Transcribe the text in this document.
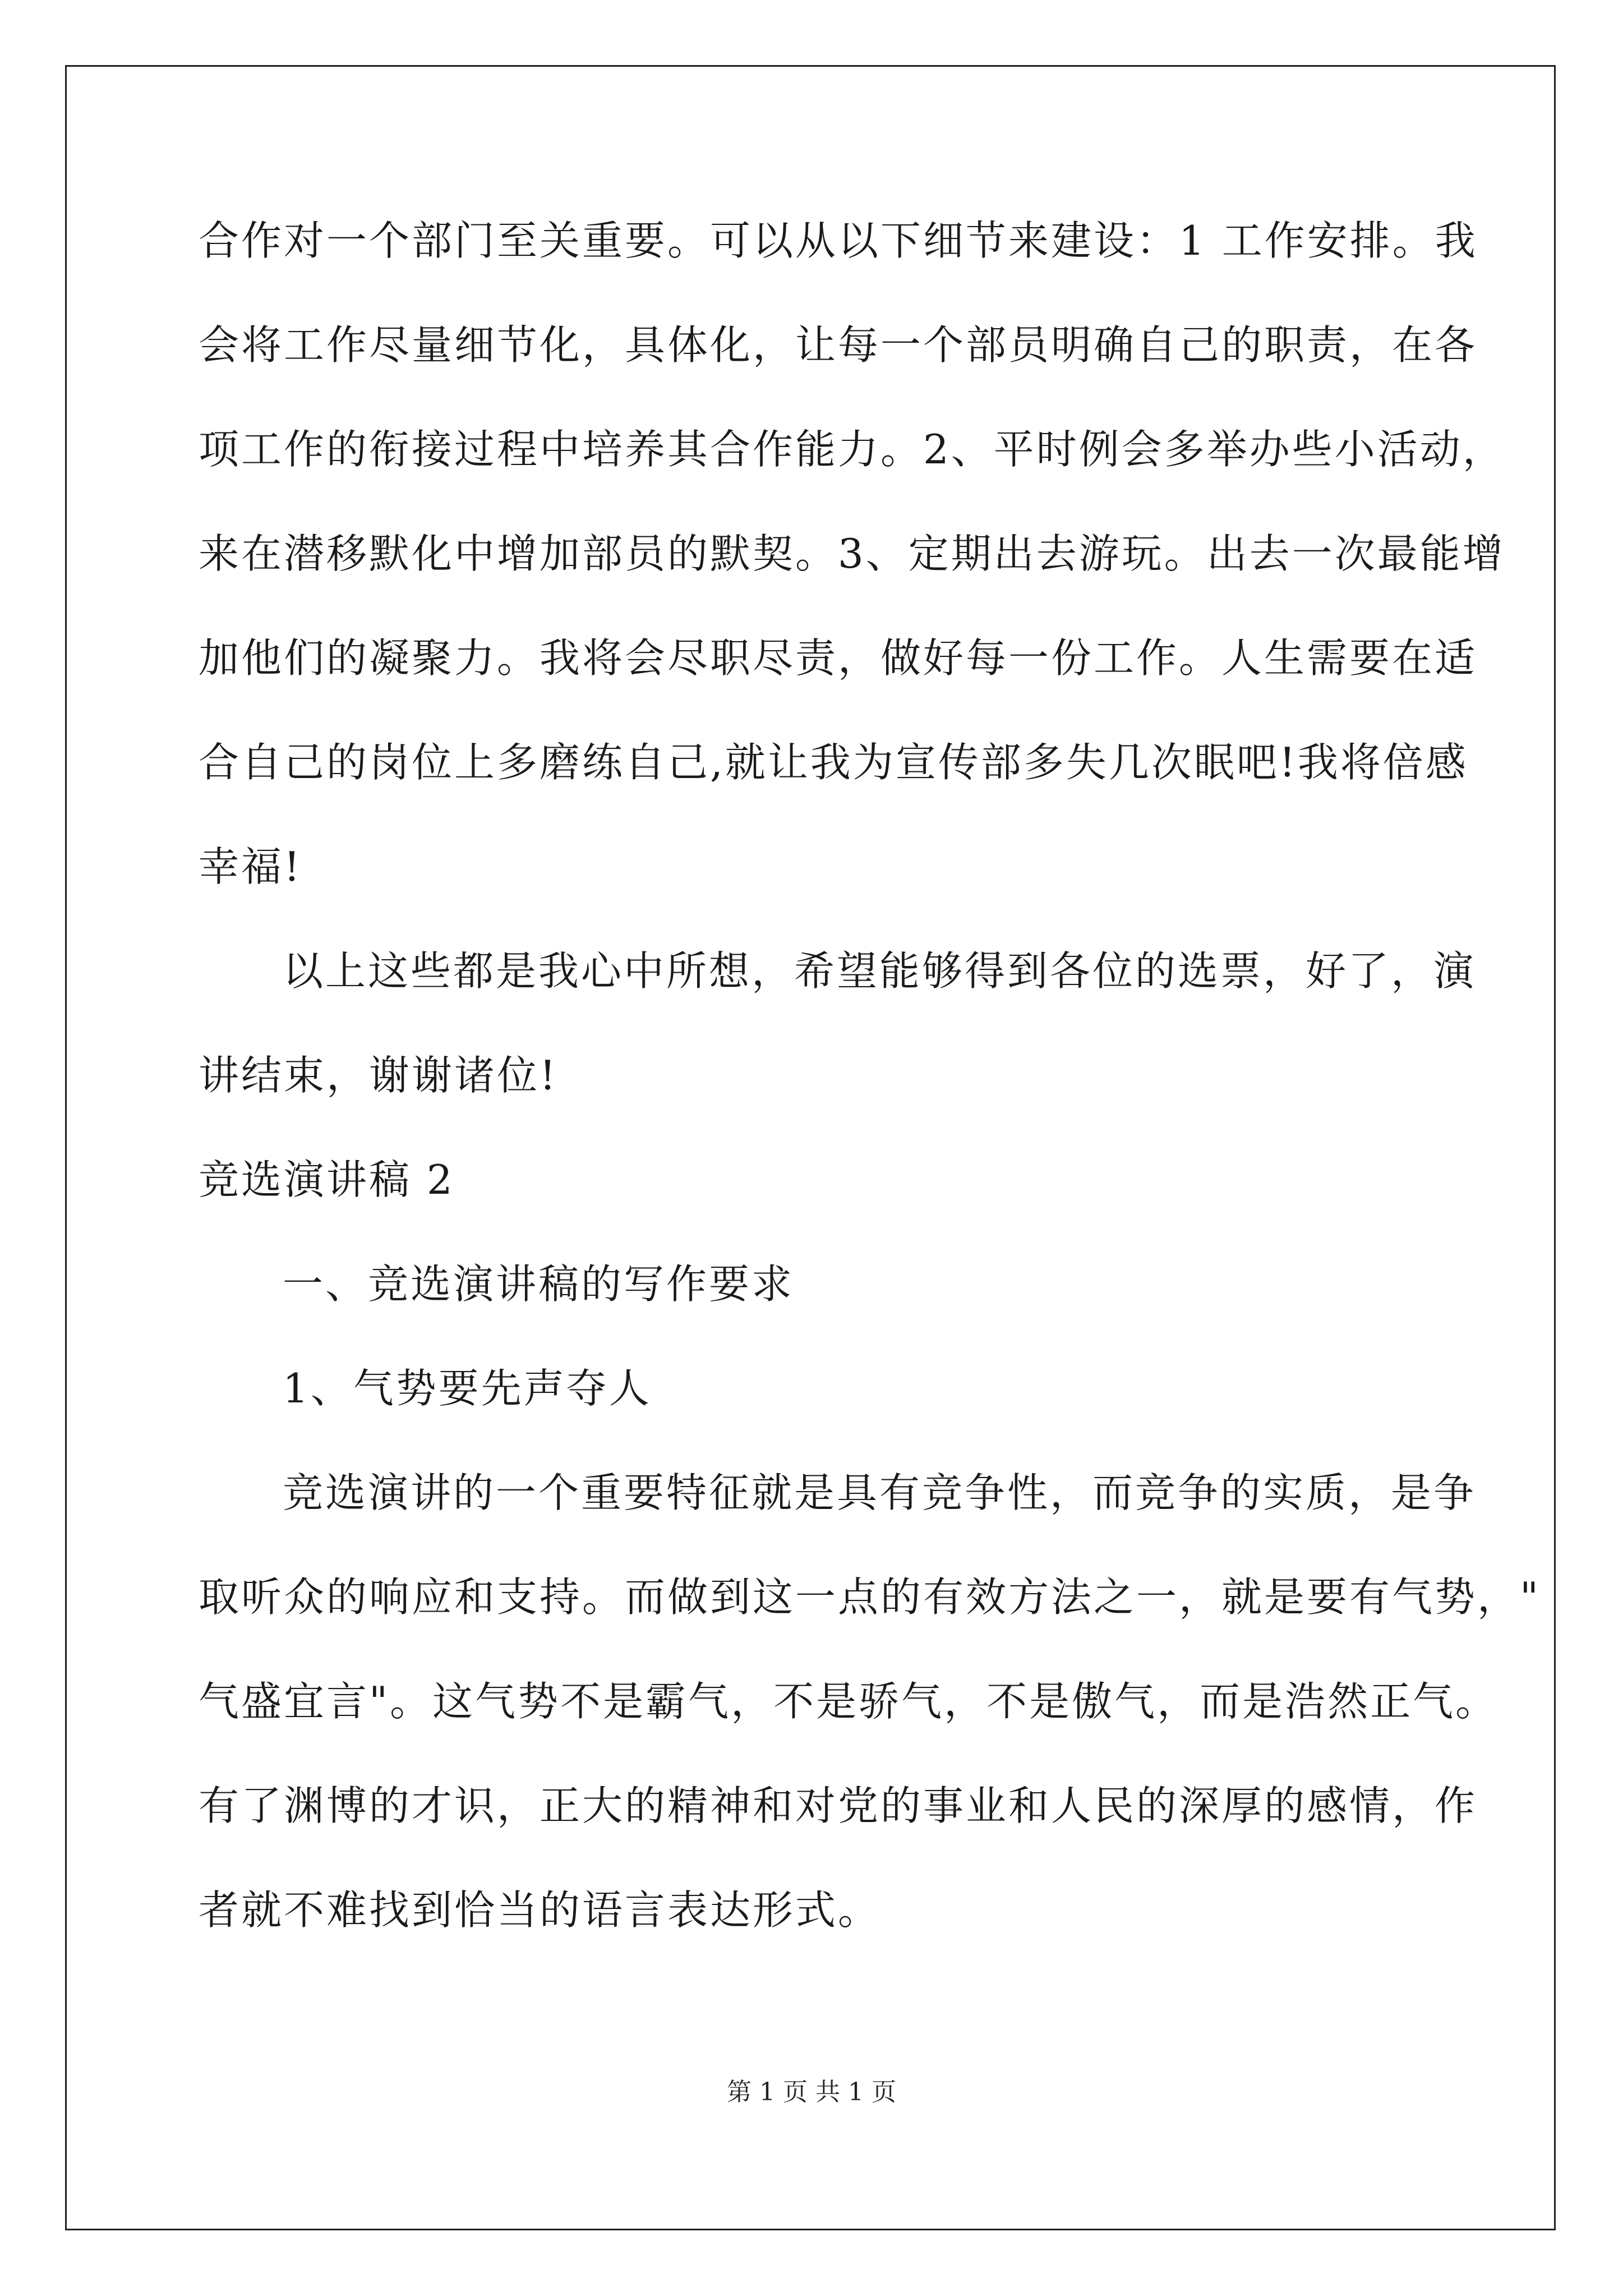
合作对一个部门至关重要。可以从以下细节来建设：1 工作安排。我
会将工作尽量细节化，具体化，让每一个部员明确自己的职责，在各
项工作的衔接过程中培养其合作能力。2、平时例会多举办些小活动，
来在潜移默化中增加部员的默契。3、定期出去游玩。出去一次最能增
加他们的凝聚力。我将会尽职尽责，做好每一份工作。人生需要在适
合自己的岗位上多磨练自己,就让我为宣传部多失几次眠吧!我将倍感
幸福!
以上这些都是我心中所想，希望能够得到各位的选票，好了，演
讲结束，谢谢诸位!
竞选演讲稿 2
一、竞选演讲稿的写作要求
1、气势要先声夺人
竞选演讲的一个重要特征就是具有竞争性，而竞争的实质，是争
取听众的响应和支持。而做到这一点的有效方法之一，就是要有气势，"
气盛宜言"。这气势不是霸气，不是骄气，不是傲气，而是浩然正气。
有了渊博的才识，正大的精神和对党的事业和人民的深厚的感情，作
者就不难找到恰当的语言表达形式。
第 1 页 共 1 页
